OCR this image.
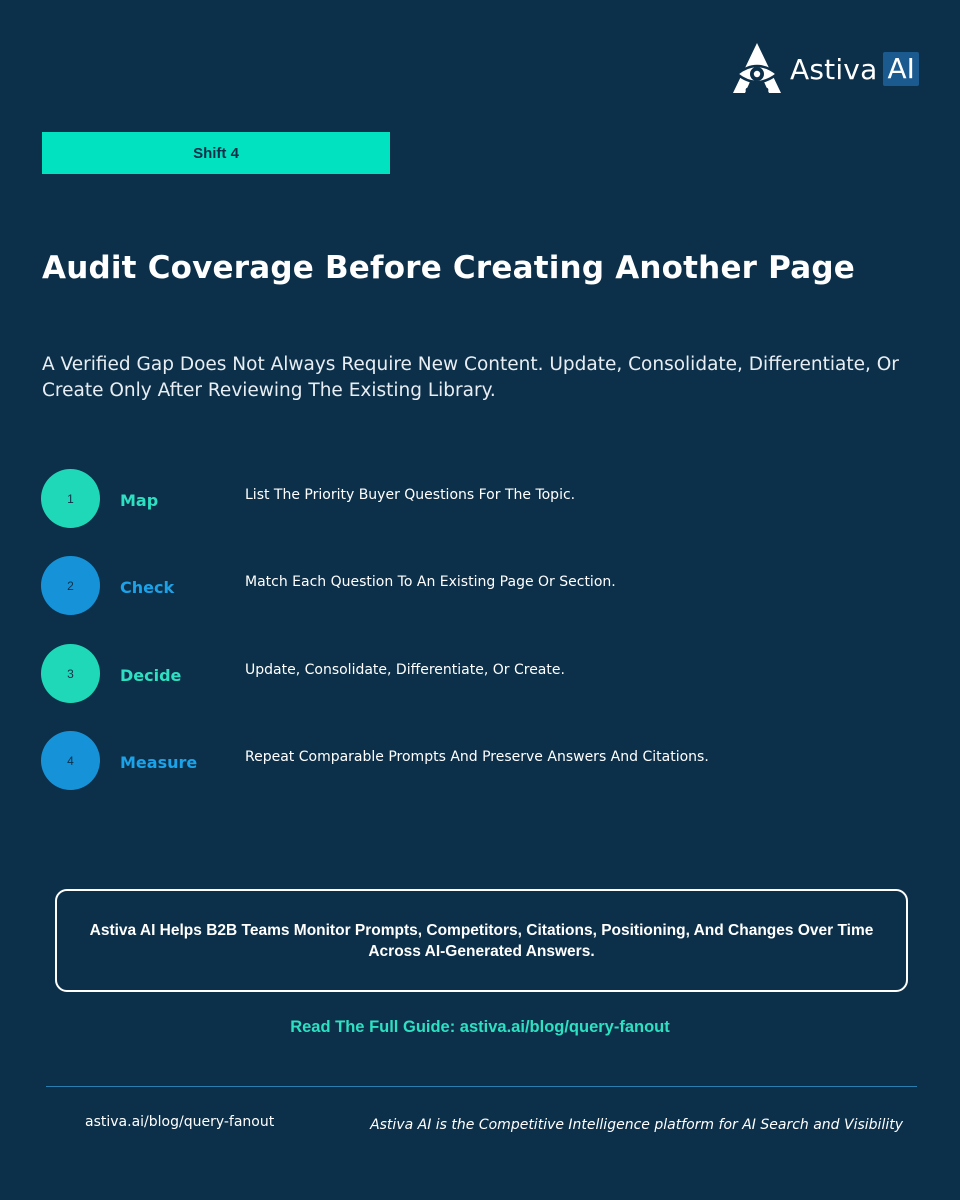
Astiva AI
Shift 4
Audit Coverage Before Creating Another Page

A Verified Gap Does Not Always Require New Content. Update, Consolidate, Differentiate, Or Create Only After Reviewing The Existing Library.

1	Map	List The Priority Buyer Questions For The Topic.
2	Check	Match Each Question To An Existing Page Or Section.
3	Decide	Update, Consolidate, Differentiate, Or Create.
4	Measure	Repeat Comparable Prompts And Preserve Answers And Citations.

Astiva AI Helps B2B Teams Monitor Prompts, Competitors, Citations, Positioning, And Changes Over Time Across AI-Generated Answers.

Read The Full Guide: astiva.ai/blog/query-fanout
astiva.ai/blog/query-fanout	Astiva AI is the Competitive Intelligence platform for AI Search and Visibility
